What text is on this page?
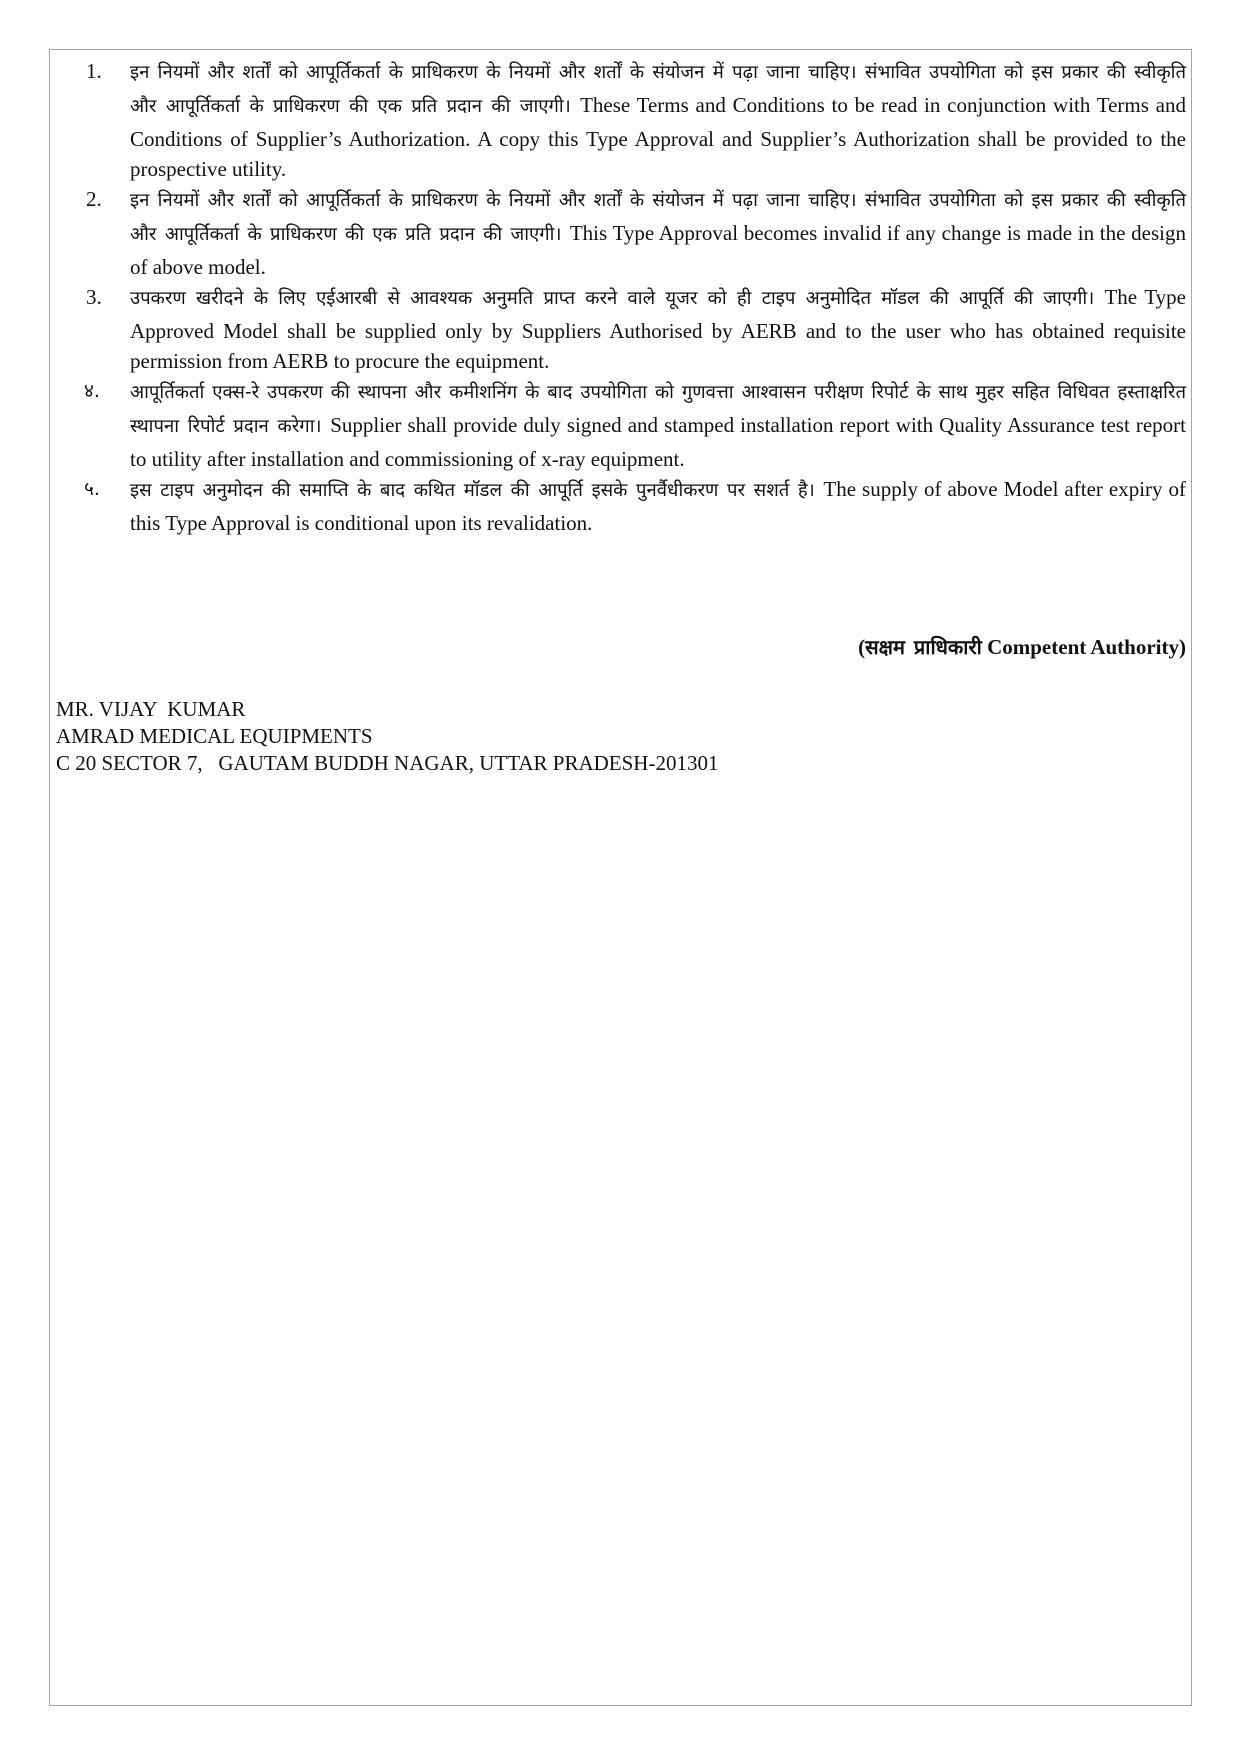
1. इन नियमों और शर्तों को आपूर्तिकर्ता के प्राधिकरण के नियमों और शर्तों के संयोजन में पढ़ा जाना चाहिए। संभावित उपयोगिता को इस प्रकार की स्वीकृति और आपूर्तिकर्ता के प्राधिकरण की एक प्रति प्रदान की जाएगी। These Terms and Conditions to be read in conjunction with Terms and Conditions of Supplier’s Authorization. A copy this Type Approval and Supplier’s Authorization shall be provided to the prospective utility.
2. इन नियमों और शर्तों को आपूर्तिकर्ता के प्राधिकरण के नियमों और शर्तों के संयोजन में पढ़ा जाना चाहिए। संभावित उपयोगिता को इस प्रकार की स्वीकृति और आपूर्तिकर्ता के प्राधिकरण की एक प्रति प्रदान की जाएगी। This Type Approval becomes invalid if any change is made in the design of above model.
3. उपकरण खरीदने के लिए एईआरबी से आवश्यक अनुमति प्राप्त करने वाले यूजर को ही टाइप अनुमोदित मॉडल की आपूर्ति की जाएगी। The Type Approved Model shall be supplied only by Suppliers Authorised by AERB and to the user who has obtained requisite permission from AERB to procure the equipment.
४. आपूर्तिकर्ता एक्स-रे उपकरण की स्थापना और कमीशनिंग के बाद उपयोगिता को गुणवत्ता आश्वासन परीक्षण रिपोर्ट के साथ मुहर सहित विधिवत हस्ताक्षरित स्थापना रिपोर्ट प्रदान करेगा। Supplier shall provide duly signed and stamped installation report with Quality Assurance test report to utility after installation and commissioning of x-ray equipment.
५. इस टाइप अनुमोदन की समाप्ति के बाद कथित मॉडल की आपूर्ति इसके पुनर्वैधीकरण पर सशर्त है। The supply of above Model after expiry of this Type Approval is conditional upon its revalidation.
(सक्षम प्राधिकारी Competent Authority)
MR. VIJAY  KUMAR
AMRAD MEDICAL EQUIPMENTS
C 20 SECTOR 7,   GAUTAM BUDDH NAGAR, UTTAR PRADESH-201301
